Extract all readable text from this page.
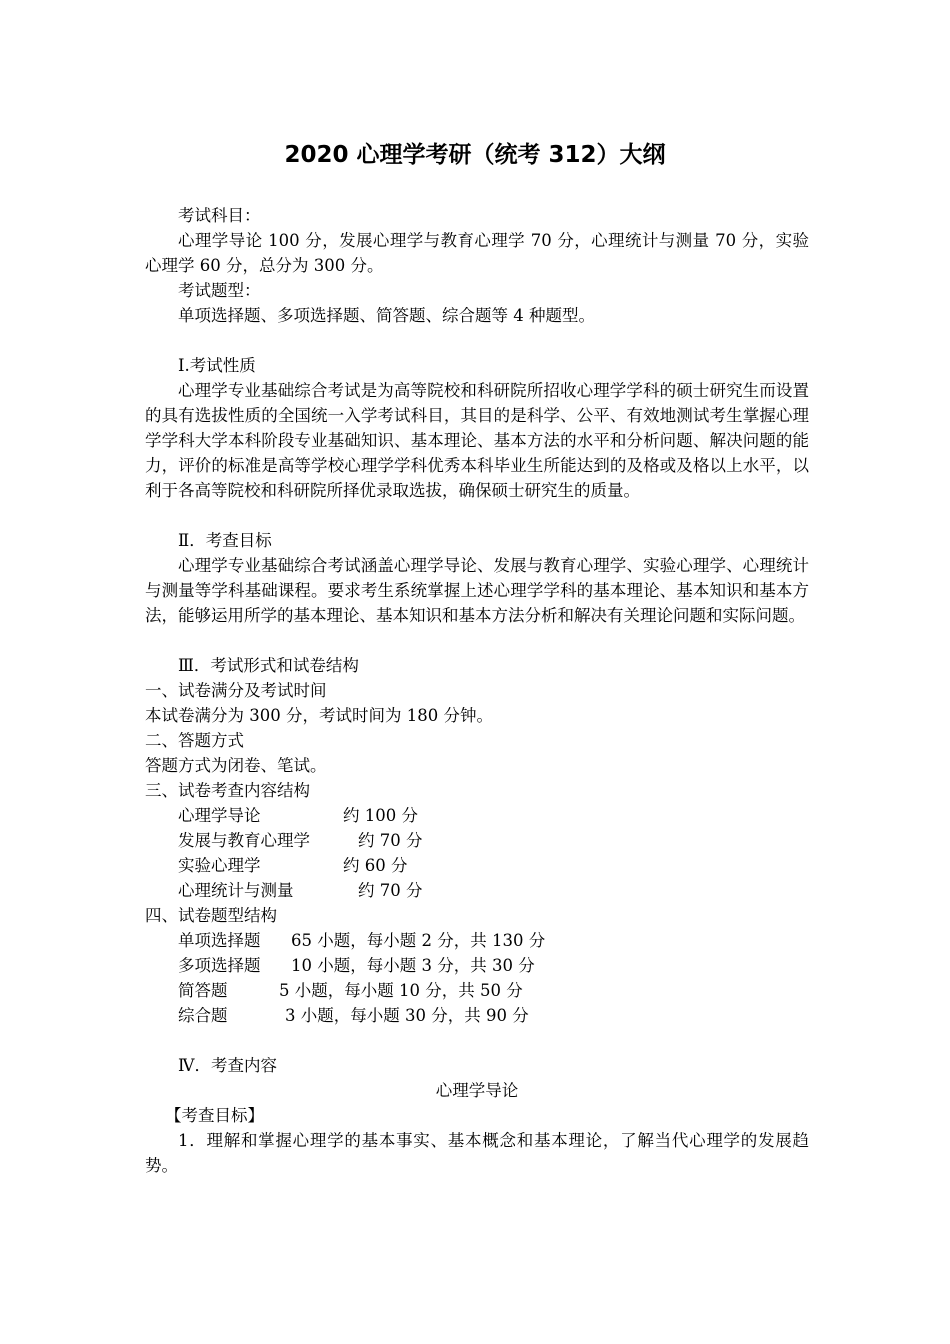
2020 心理学考研（统考 312）大纲

考试科目：

心理学导论 100 分，发展心理学与教育心理学 70 分，心理统计与测量 70 分，实验心理学 60 分，总分为 300 分。

考试题型：

单项选择题、多项选择题、简答题、综合题等 4 种题型。

Ⅰ.考试性质

心理学专业基础综合考试是为高等院校和科研院所招收心理学学科的硕士研究生而设置的具有选拔性质的全国统一入学考试科目，其目的是科学、公平、有效地测试考生掌握心理学学科大学本科阶段专业基础知识、基本理论、基本方法的水平和分析问题、解决问题的能力，评价的标准是高等学校心理学学科优秀本科毕业生所能达到的及格或及格以上水平，以利于各高等院校和科研院所择优录取选拔，确保硕士研究生的质量。

Ⅱ．考查目标

心理学专业基础综合考试涵盖心理学导论、发展与教育心理学、实验心理学、心理统计与测量等学科基础课程。要求考生系统掌握上述心理学学科的基本理论、基本知识和基本方法，能够运用所学的基本理论、基本知识和基本方法分析和解决有关理论问题和实际问题。

Ⅲ．考试形式和试卷结构

一、试卷满分及考试时间

本试卷满分为 300 分，考试时间为 180 分钟。

二、答题方式

答题方式为闭卷、笔试。

三、试卷考查内容结构

心理学导论	约 100 分

发展与教育心理学	约 70 分

实验心理学	约 60 分

心理统计与测量	约 70 分

四、试卷题型结构

单项选择题	65 小题，每小题 2 分，共 130 分

多项选择题	10 小题，每小题 3 分，共 30 分

简答题	5 小题，每小题 10 分，共 50 分

综合题	3 小题，每小题 30 分，共 90 分

Ⅳ．考查内容

心理学导论

【考查目标】

1．理解和掌握心理学的基本事实、基本概念和基本理论，了解当代心理学的发展趋势。
